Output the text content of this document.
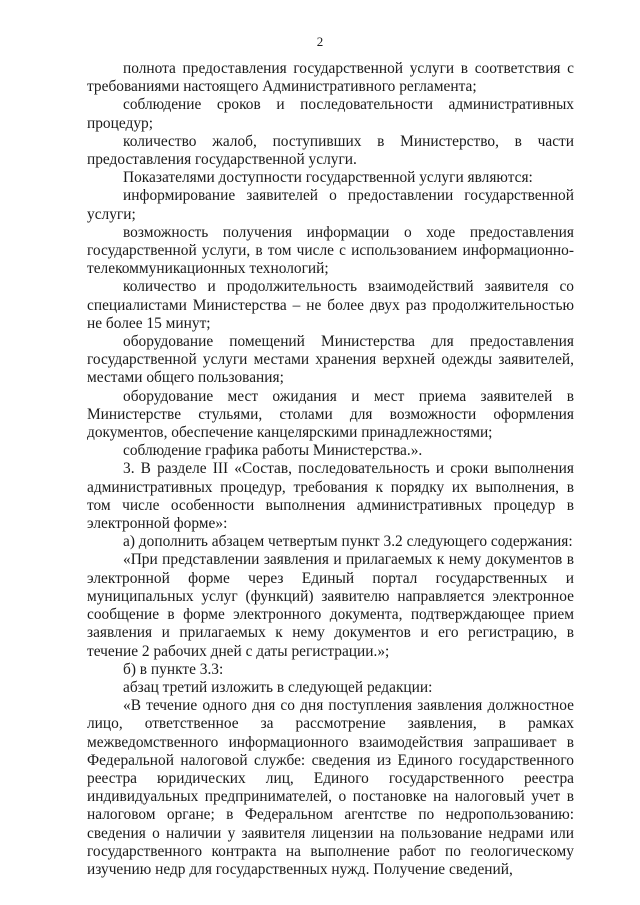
2

полнота предоставления государственной услуги в соответствия с требованиями настоящего Административного регламента;

соблюдение сроков и последовательности административных процедур;

количество жалоб, поступивших в Министерство, в части предоставления государственной услуги.

Показателями доступности государственной услуги являются:

информирование заявителей о предоставлении государственной услуги;

возможность получения информации о ходе предоставления государственной услуги, в том числе с использованием информационно-телекоммуникационных технологий;

количество и продолжительность взаимодействий заявителя со специалистами Министерства – не более двух раз продолжительностью не более 15 минут;

оборудование помещений Министерства для предоставления государственной услуги местами хранения верхней одежды заявителей, местами общего пользования;

оборудование мест ожидания и мест приема заявителей в Министерстве стульями, столами для возможности оформления документов, обеспечение канцелярскими принадлежностями;

соблюдение графика работы Министерства.».

3. В разделе III «Состав, последовательность и сроки выполнения административных процедур, требования к порядку их выполнения, в том числе особенности выполнения административных процедур в электронной форме»:

а) дополнить абзацем четвертым пункт 3.2 следующего содержания:

«При представлении заявления и прилагаемых к нему документов в электронной форме через Единый портал государственных и муниципальных услуг (функций) заявителю направляется электронное сообщение в форме электронного документа, подтверждающее прием заявления и прилагаемых к нему документов и его регистрацию, в течение 2 рабочих дней с даты регистрации.»;

б) в пункте 3.3:

абзац третий изложить в следующей редакции:

«В течение одного дня со дня поступления заявления должностное лицо, ответственное за рассмотрение заявления, в рамках межведомственного информационного взаимодействия запрашивает в Федеральной налоговой службе: сведения из Единого государственного реестра юридических лиц, Единого государственного реестра индивидуальных предпринимателей, о постановке на налоговый учет в налоговом органе; в Федеральном агентстве по недропользованию: сведения о наличии у заявителя лицензии на пользование недрами или государственного контракта на выполнение работ по геологическому изучению недр для государственных нужд. Получение сведений,
